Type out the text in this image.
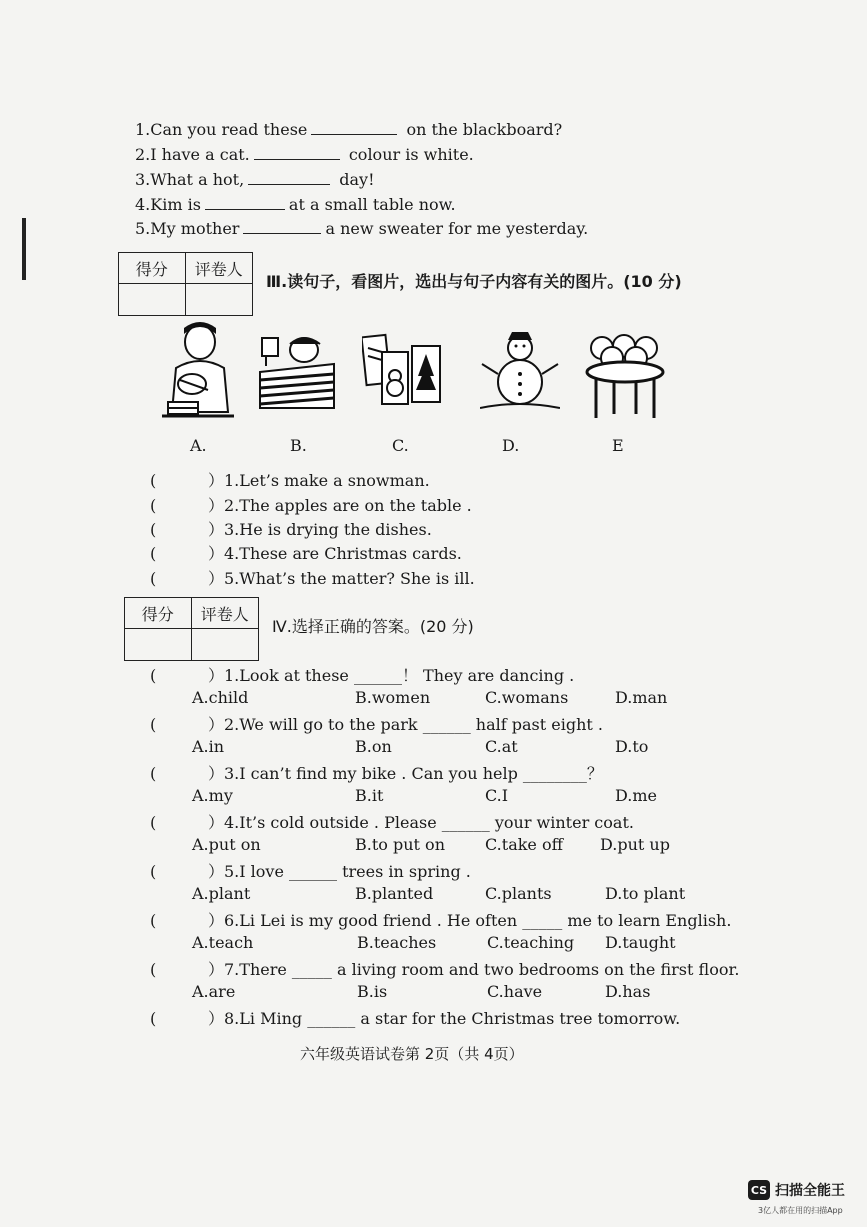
1.Can you read these	on the blackboard?
2.I have a cat.	colour is white.
3.What a hot,	day!
4.Kim is	at a small table now.
5.My mother	a new sweater for me yesterday.
得分	评卷人
Ⅲ.读句子，看图片，选出与句子内容有关的图片。(10 分)
A.	B.	C.	D.	E
(	）1.Let’s make a snowman.
(	）2.The apples are on the table .
(	）3.He is drying the dishes.
(	）4.These are Christmas cards.
(	）5.What’s the matter? She is ill.
得分	评卷人
Ⅳ.选择正确的答案。(20 分)
(	）1.Look at these ______！ They are dancing .
A.child	B.women	C.womans	D.man
(	）2.We will go to the park ______ half past eight .
A.in	B.on	C.at	D.to
(	）3.I can’t find my bike . Can you help ________？
A.my	B.it	C.I	D.me
(	）4.It’s cold outside . Please ______ your winter coat.
A.put on	B.to put on	C.take off D.put up
(	）5.I love ______ trees in spring .
A.plant	B.planted	C.plants	D.to plant
(	）6.Li Lei is my good friend . He often _____ me to learn English.
A.teach	B.teaches	C.teaching D.taught
(	）7.There _____ a living room and two bedrooms on the first floor.
A.are	B.is	C.have	D.has
(	）8.Li Ming ______ a star for the Christmas tree tomorrow.
六年级英语试卷第 2页（共 4页）
CS 扫描全能王
3亿人都在用的扫描App
